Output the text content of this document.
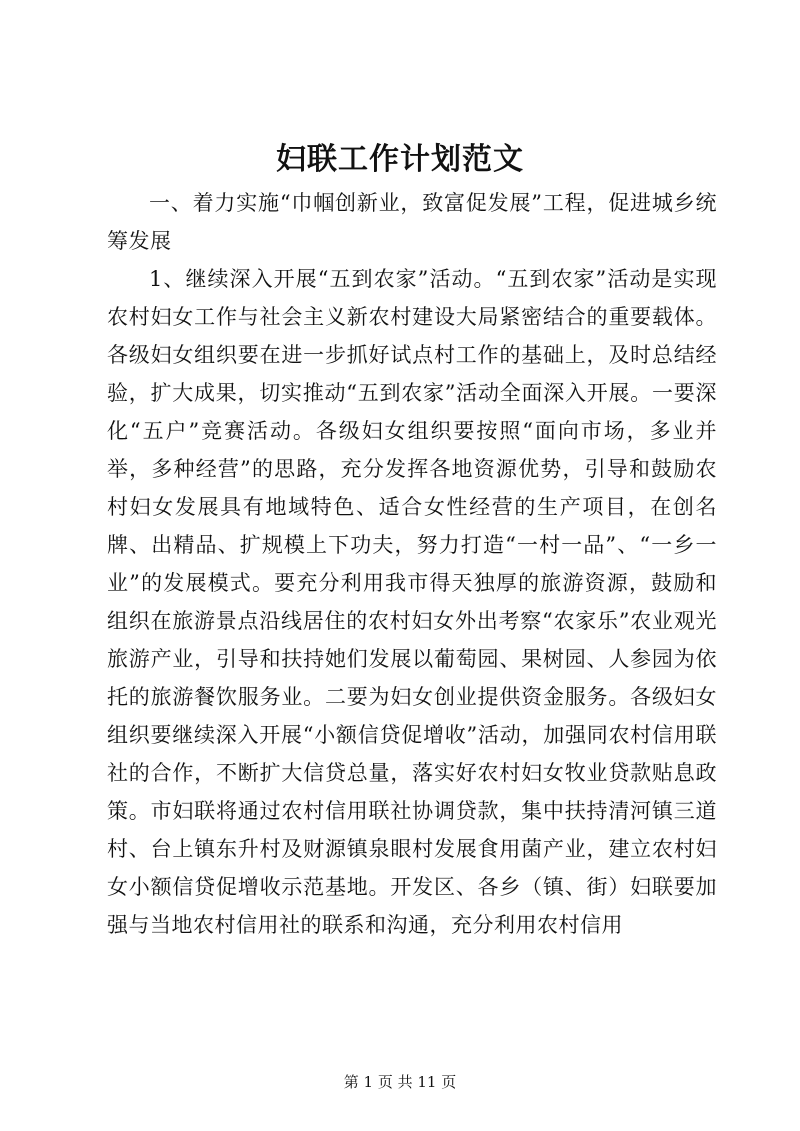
妇联工作计划范文

一、着力实施“巾帼创新业，致富促发展”工程，促进城乡统筹发展

1、继续深入开展“五到农家”活动。“五到农家”活动是实现农村妇女工作与社会主义新农村建设大局紧密结合的重要载体。各级妇女组织要在进一步抓好试点村工作的基础上，及时总结经验，扩大成果，切实推动“五到农家”活动全面深入开展。一要深化“五户”竞赛活动。各级妇女组织要按照“面向市场，多业并举，多种经营”的思路，充分发挥各地资源优势，引导和鼓励农村妇女发展具有地域特色、适合女性经营的生产项目，在创名牌、出精品、扩规模上下功夫，努力打造“一村一品”、“一乡一业”的发展模式。要充分利用我市得天独厚的旅游资源，鼓励和组织在旅游景点沿线居住的农村妇女外出考察“农家乐”农业观光旅游产业，引导和扶持她们发展以葡萄园、果树园、人参园为依托的旅游餐饮服务业。二要为妇女创业提供资金服务。各级妇女组织要继续深入开展“小额信贷促增收”活动，加强同农村信用联社的合作，不断扩大信贷总量，落实好农村妇女牧业贷款贴息政策。市妇联将通过农村信用联社协调贷款，集中扶持清河镇三道村、台上镇东升村及财源镇泉眼村发展食用菌产业，建立农村妇女小额信贷促增收示范基地。开发区、各乡（镇、街）妇联要加强与当地农村信用社的联系和沟通，充分利用农村信用

第 1 页 共 11 页
